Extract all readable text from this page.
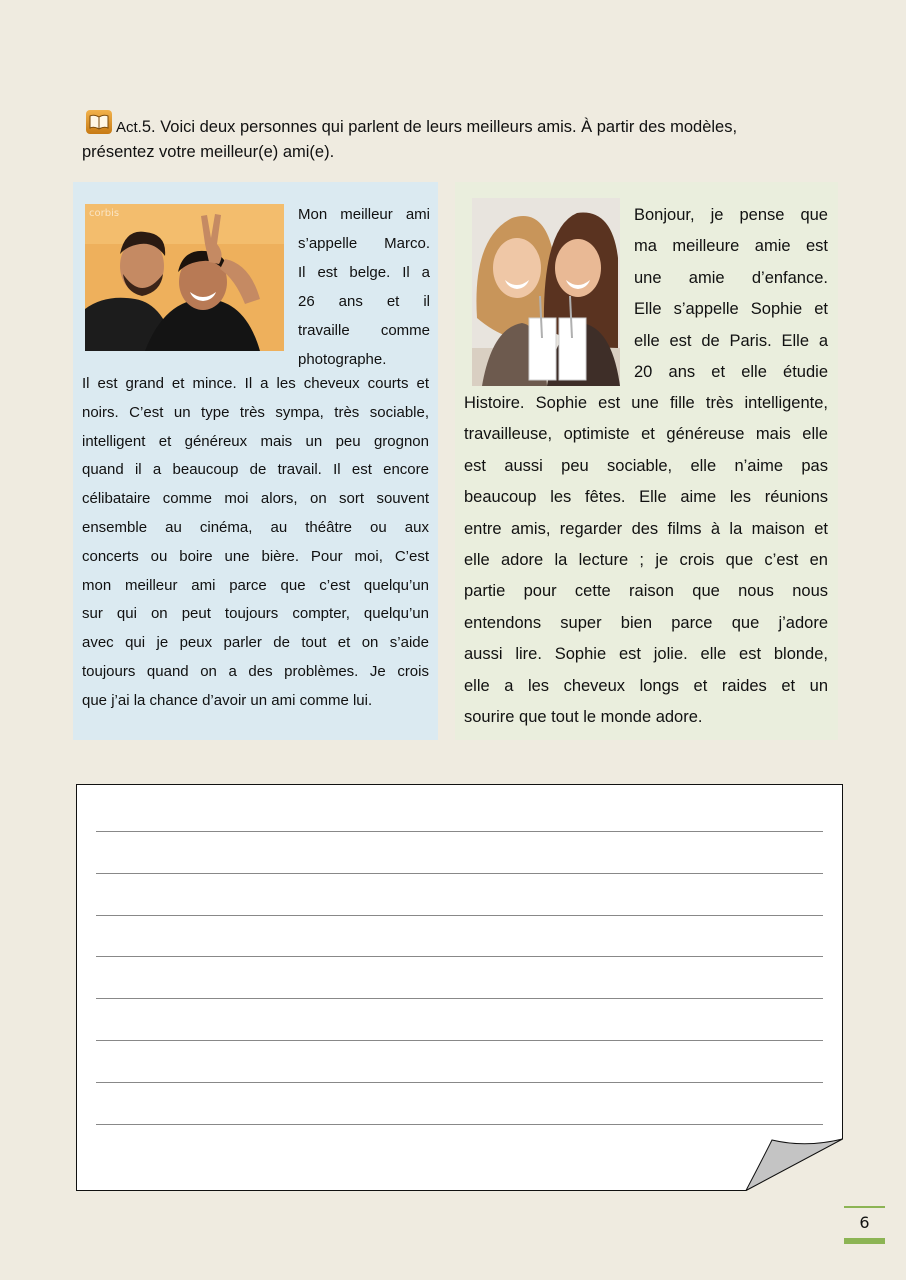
Act.5. Voici deux personnes qui parlent de leurs meilleurs amis. À partir des modèles,
présentez votre meilleur(e) ami(e).
corbis	Mon meilleur ami
s’appelle Marco.
Il est belge. Il a
26 ans et il
travaille comme
photographe.
Il est grand et mince. Il a les cheveux courts et
noirs. C’est un type très sympa, très sociable,
intelligent et généreux mais un peu grognon
quand il a beaucoup de travail. Il est encore
célibataire comme moi alors, on sort souvent
ensemble au cinéma, au théâtre ou aux
concerts ou boire une bière. Pour moi, C’est
mon meilleur ami parce que c’est quelqu’un
sur qui on peut toujours compter, quelqu’un
avec qui je peux parler de tout et on s’aide
toujours quand on a des problèmes. Je crois
que j’ai la chance d’avoir un ami comme lui.
Bonjour, je pense que
ma meilleure amie est
une amie d’enfance.
Elle s’appelle Sophie et
elle est de Paris. Elle a
20 ans et elle étudie
Histoire. Sophie est une fille très intelligente,
travailleuse, optimiste et généreuse mais elle
est aussi peu sociable, elle n’aime pas
beaucoup les fêtes. Elle aime les réunions
entre amis, regarder des films à la maison et
elle adore la lecture ; je crois que c’est en
partie pour cette raison que nous nous
entendons super bien parce que j’adore
aussi lire. Sophie est jolie. elle est blonde,
elle a les cheveux longs et raides et un
sourire que tout le monde adore.
6
